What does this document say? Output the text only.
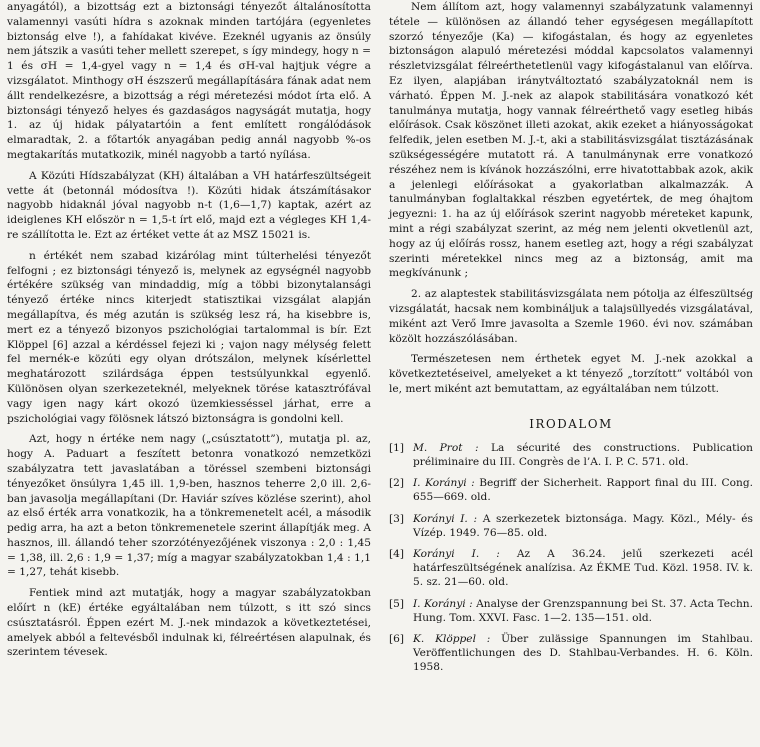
anyagától), a bizottság ezt a biztonsági tényezőt általánosította valamennyi vasúti hídra s azoknak minden tartójára (egyenletes biztonság elve !), a fahídakat kivéve. Ezeknél ugyanis az önsúly nem játszik a vasúti teher mellett szerepet, s így mindegy, hogy n = 1 és σH = 1,4-gyel vagy n = 1,4 és σH-val hajtjuk végre a vizsgálatot. Minthogy σH észszerű megállapítására fának adat nem állt rendelkezésre, a bizottság a régi méretezési módot írta elő. A biztonsági tényező helyes és gazdaságos nagyságát mutatja, hogy 1. az új hidak pályatartóin a fent említett rongálódások elmaradtak, 2. a főtartók anyagában pedig annál nagyobb %-os megtakarítás mutatkozik, minél nagyobb a tartó nyílása.

A Közúti Hídszabályzat (KH) általában a VH határfeszültségeit vette át (betonnál módosítva !). Közúti hidak átszámításakor nagyobb hidaknál jóval nagyobb n-t (1,6—1,7) kaptak, azért az ideiglenes KH először n = 1,5-t írt elő, majd ezt a végleges KH 1,4-re szállította le. Ezt az értéket vette át az MSZ 15021 is.

n értékét nem szabad kizárólag mint túlterhelési tényezőt felfogni ; ez biztonsági tényező is, melynek az egységnél nagyobb értékére szükség van mindaddig, míg a többi bizonytalansági tényező értéke nincs kiterjedt statisztikai vizsgálat alapján megállapítva, és még azután is szükség lesz rá, ha kisebbre is, mert ez a tényező bizonyos pszichológiai tartalommal is bír. Ezt Klöppel [6] azzal a kérdéssel fejezi ki ; vajon nagy mélység felett fel mernék-e közúti egy olyan drótszálon, melynek kísérlettel meghatározott szilárdsága éppen testsúlyunkkal egyenlő. Különösen olyan szerkezeteknél, melyeknek törése katasztrófával vagy igen nagy kárt okozó üzemkiesséssel járhat, erre a pszichológiai vagy fölösnek látszó biztonságra is gondolni kell.

Azt, hogy n értéke nem nagy („csúsztatott”), mutatja pl. az, hogy A. Paduart a feszített betonra vonatkozó nemzetközi szabályzatra tett javaslatában a töréssel szembeni biztonsági tényezőket önsúlyra 1,45 ill. 1,9-ben, hasznos teherre 2,0 ill. 2,6-ban javasolja megállapítani (Dr. Haviár szíves közlése szerint), ahol az első érték arra vonatkozik, ha a tönkremenetelt acél, a második pedig arra, ha azt a beton tönkremenetele szerint állapítják meg. A hasznos, ill. állandó teher szorzótényezőjének viszonya : 2,0 : 1,45 = 1,38, ill. 2,6 : 1,9 = 1,37; míg a magyar szabályzatokban 1,4 : 1,1 = 1,27, tehát kisebb.

Fentiek mind azt mutatják, hogy a magyar szabályzatokban előírt n (kE) értéke egyáltalában nem túlzott, s itt szó sincs csúsztatásról. Éppen ezért M. J.-nek mindazok a következtetései, amelyek abból a feltevésből indulnak ki, félreértésen alapulnak, és szerintem tévesek.

Nem állítom azt, hogy valamennyi szabályzatunk valamennyi tétele — különösen az állandó teher egységesen megállapított szorzó tényezője (Ka) — kifogástalan, és hogy az egyenletes biztonságon alapuló méretezési móddal kapcsolatos valamennyi részletvizsgálat félreérthetetlenül vagy kifogástalanul van előírva. Ez ilyen, alapjában iránytváltoztató szabályzatoknál nem is várható. Éppen M. J.-nek az alapok stabilitására vonatkozó két tanulmánya mutatja, hogy vannak félreérthető vagy esetleg hibás előírások. Csak köszönet illeti azokat, akik ezeket a hiányosságokat felfedik, jelen esetben M. J.-t, aki a stabilitásvizsgálat tisztázásának szükségességére mutatott rá. A tanulmánynak erre vonatkozó részéhez nem is kívánok hozzászólni, erre hivatottabbak azok, akik a jelenlegi előírásokat a gyakorlatban alkalmazzák. A tanulmányban foglaltakkal részben egyetértek, de meg óhajtom jegyezni: 1. ha az új előírások szerint nagyobb méreteket kapunk, mint a régi szabályzat szerint, az még nem jelenti okvetlenül azt, hogy az új előírás rossz, hanem esetleg azt, hogy a régi szabályzat szerinti méretekkel nincs meg az a biztonság, amit ma megkívánunk ;

2. az alaptestek stabilitásvizsgálata nem pótolja az élfeszültség vizsgálatát, hacsak nem kombináljuk a talajsüllyedés vizsgálatával, miként azt Verő Imre javasolta a Szemle 1960. évi nov. számában közölt hozzászólásában.

Természetesen nem érthetek egyet M. J.-nek azokkal a következtetéseivel, amelyeket a kt tényező „torzított” voltából von le, mert miként azt bemutattam, az egyáltalában nem túlzott.

IRODALOM
[1] M. Prot : La sécurité des constructions. Publication préliminaire du III. Congrès de l’A. I. P. C. 571. old.
[2] I. Korányi : Begriff der Sicherheit. Rapport final du III. Cong. 655—669. old.
[3] Korányi I. : A szerkezetek biztonsága. Magy. Közl., Mély- és Vízép. 1949. 76—85. old.
[4] Korányi I. : Az A 36.24. jelű szerkezeti acél határfeszültségének analízisa. Az ÉKME Tud. Közl. 1958. IV. k. 5. sz. 21—60. old.
[5] I. Korányi : Analyse der Grenzspannung bei St. 37. Acta Techn. Hung. Tom. XXVI. Fasc. 1—2. 135—151. old.
[6] K. Klöppel : Über zulässige Spannungen im Stahlbau. Veröffentlichungen des D. Stahlbau-Verbandes. H. 6. Köln. 1958.
